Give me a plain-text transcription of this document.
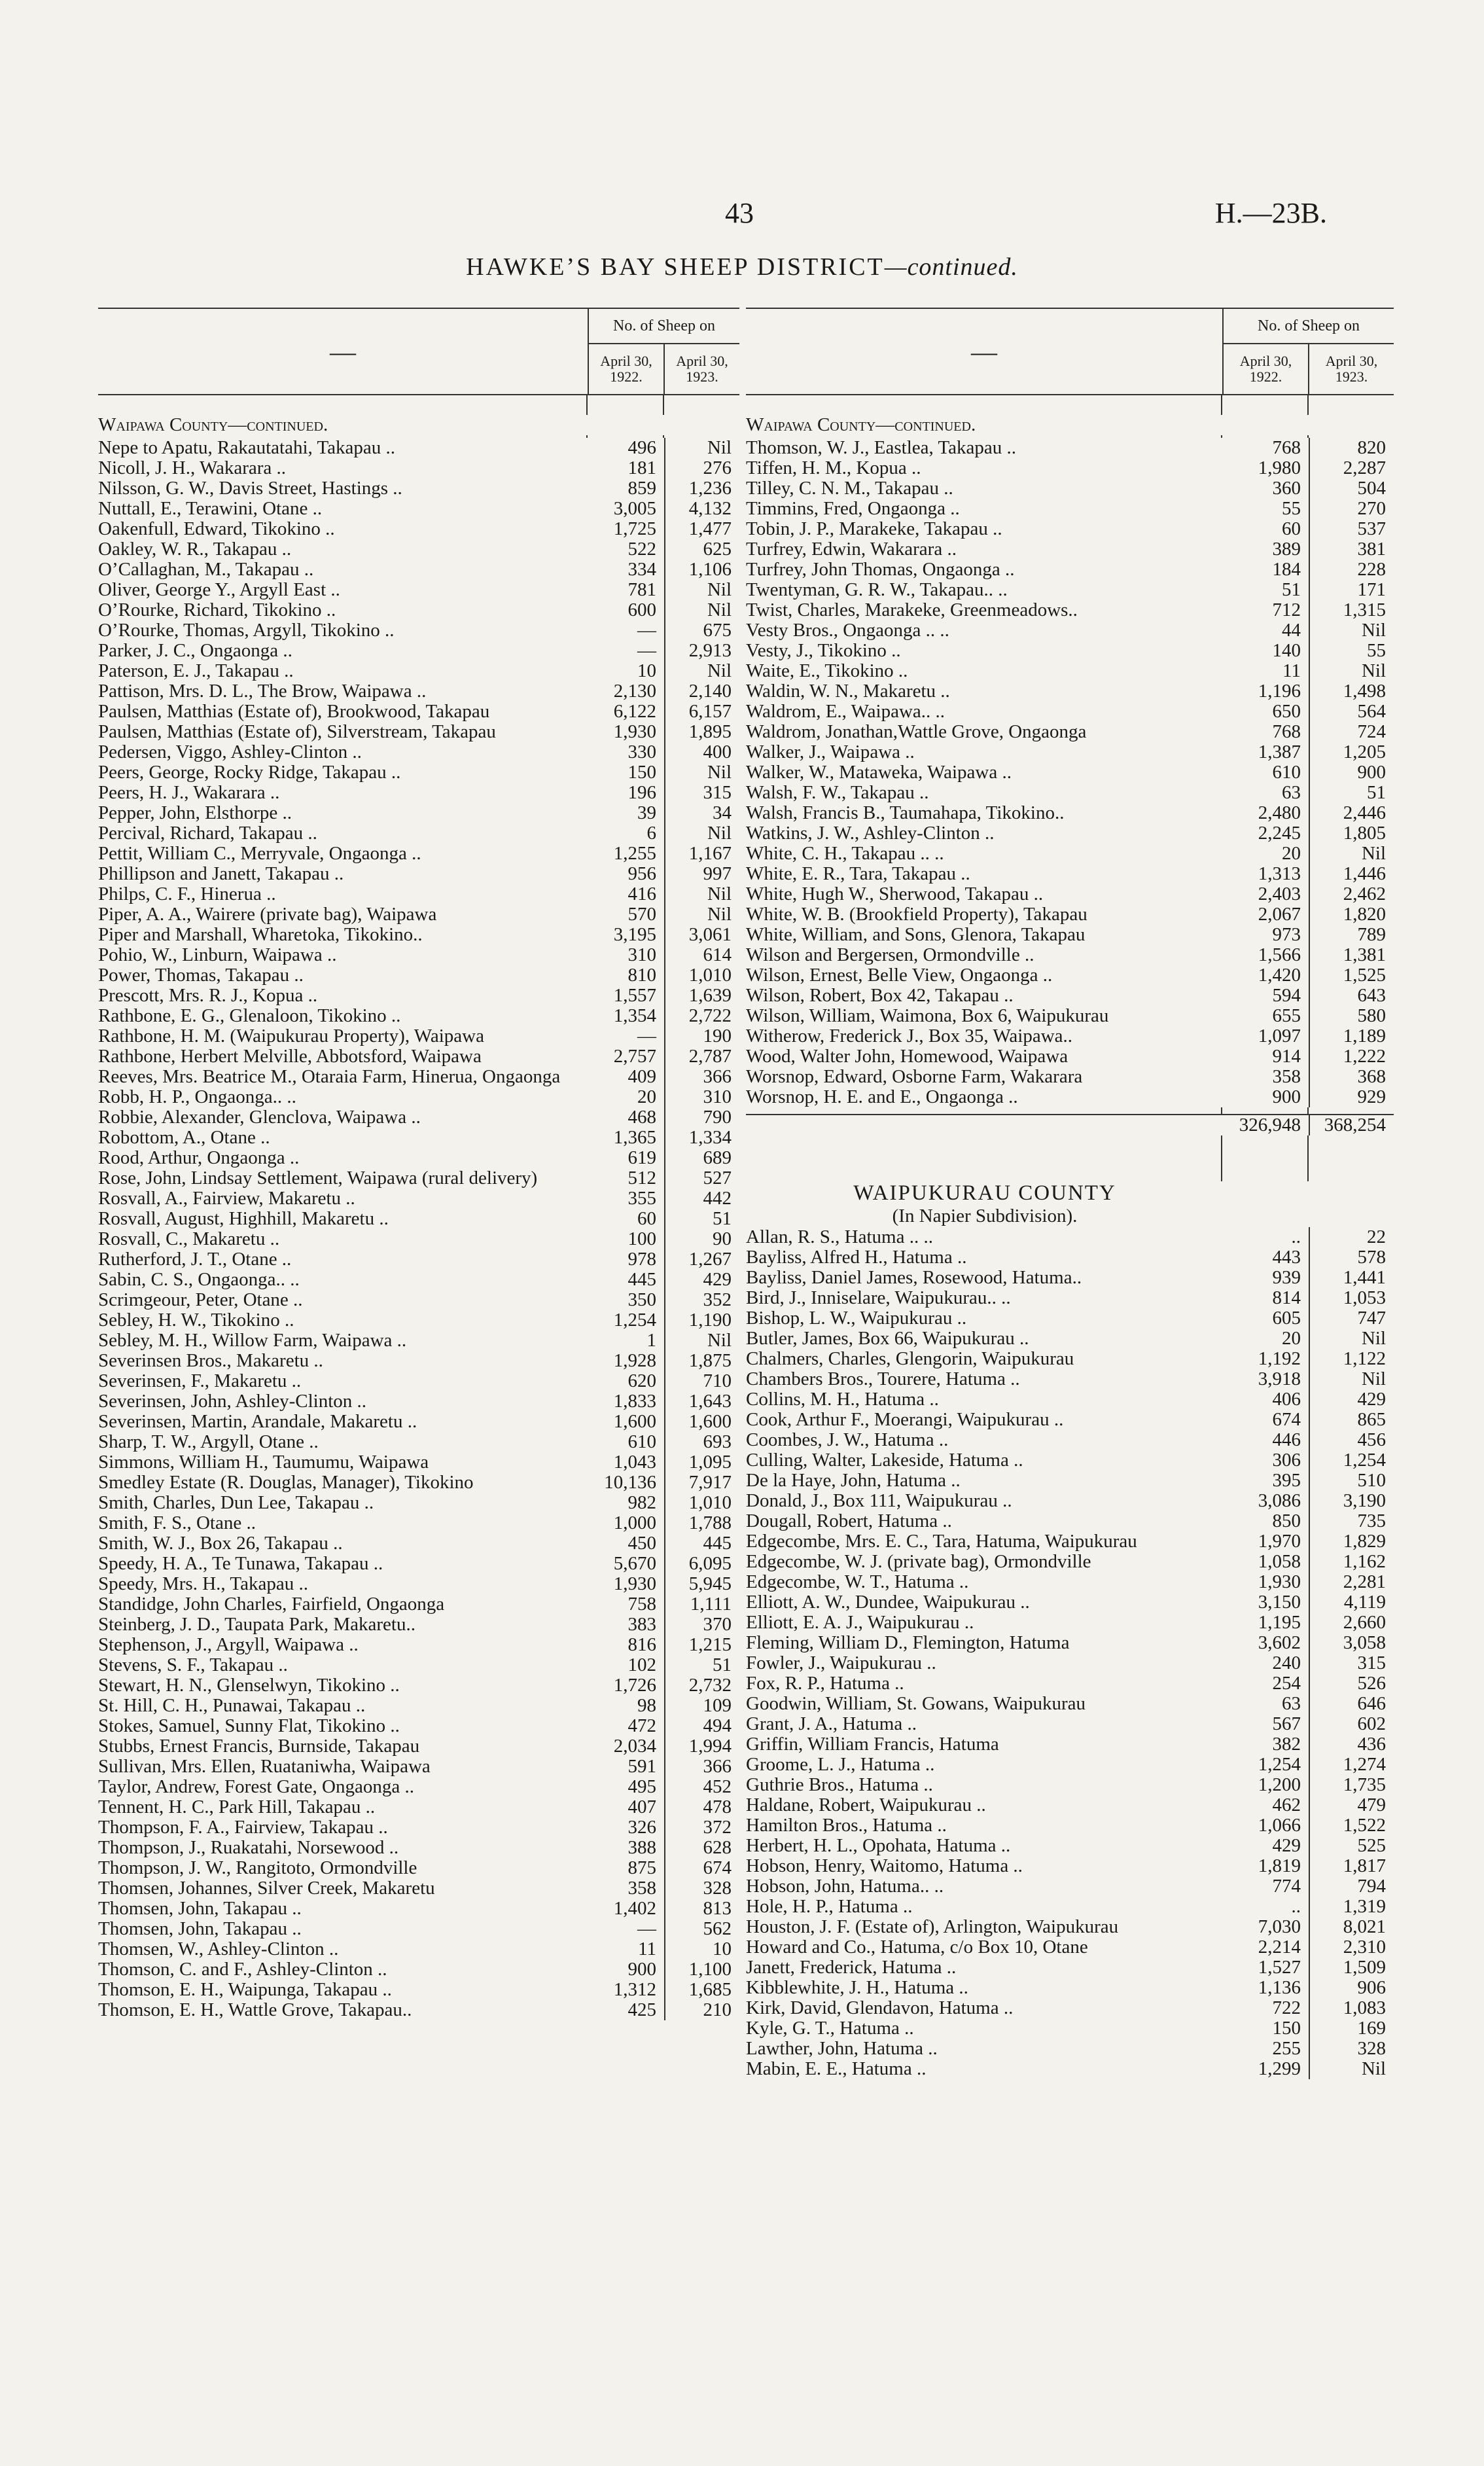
43	H.—23B.
HAWKE’S BAY SHEEP DISTRICT—continued.
—
No. of Sheep on
April 30,
1922.
April 30,
1923.
Waipawa County—continued.
Nepe to Apatu, Rakautatahi, Takapau ..	496	Nil
Nicoll, J. H., Wakarara ..	181	276
Nilsson, G. W., Davis Street, Hastings ..	859	1,236
Nuttall, E., Terawini, Otane ..	3,005	4,132
Oakenfull, Edward, Tikokino ..	1,725	1,477
Oakley, W. R., Takapau ..	522	625
O’Callaghan, M., Takapau ..	334	1,106
Oliver, George Y., Argyll East ..	781	Nil
O’Rourke, Richard, Tikokino ..	600	Nil
O’Rourke, Thomas, Argyll, Tikokino ..	—	675
Parker, J. C., Ongaonga ..	—	2,913
Paterson, E. J., Takapau ..	10	Nil
Pattison, Mrs. D. L., The Brow, Waipawa ..	2,130	2,140
Paulsen, Matthias (Estate of), Brookwood, Takapau	6,122	6,157
Paulsen, Matthias (Estate of), Silverstream, Takapau	1,930	1,895
Pedersen, Viggo, Ashley-Clinton ..	330	400
Peers, George, Rocky Ridge, Takapau ..	150	Nil
Peers, H. J., Wakarara ..	196	315
Pepper, John, Elsthorpe ..	39	34
Percival, Richard, Takapau ..	6	Nil
Pettit, William C., Merryvale, Ongaonga ..	1,255	1,167
Phillipson and Janett, Takapau ..	956	997
Philps, C. F., Hinerua ..	416	Nil
Piper, A. A., Wairere (private bag), Waipawa	570	Nil
Piper and Marshall, Wharetoka, Tikokino..	3,195	3,061
Pohio, W., Linburn, Waipawa ..	310	614
Power, Thomas, Takapau ..	810	1,010
Prescott, Mrs. R. J., Kopua ..	1,557	1,639
Rathbone, E. G., Glenaloon, Tikokino ..	1,354	2,722
Rathbone, H. M. (Waipukurau Property), Waipawa	—	190
Rathbone, Herbert Melville, Abbotsford, Waipawa	2,757	2,787
Reeves, Mrs. Beatrice M., Otaraia Farm, Hinerua, Ongaonga	409	366
Robb, H. P., Ongaonga.. ..	20	310
Robbie, Alexander, Glenclova, Waipawa ..	468	790
Robottom, A., Otane ..	1,365	1,334
Rood, Arthur, Ongaonga ..	619	689
Rose, John, Lindsay Settlement, Waipawa (rural delivery)	512	527
Rosvall, A., Fairview, Makaretu ..	355	442
Rosvall, August, Highhill, Makaretu ..	60	51
Rosvall, C., Makaretu ..	100	90
Rutherford, J. T., Otane ..	978	1,267
Sabin, C. S., Ongaonga.. ..	445	429
Scrimgeour, Peter, Otane ..	350	352
Sebley, H. W., Tikokino ..	1,254	1,190
Sebley, M. H., Willow Farm, Waipawa ..	1	Nil
Severinsen Bros., Makaretu ..	1,928	1,875
Severinsen, F., Makaretu ..	620	710
Severinsen, John, Ashley-Clinton ..	1,833	1,643
Severinsen, Martin, Arandale, Makaretu ..	1,600	1,600
Sharp, T. W., Argyll, Otane ..	610	693
Simmons, William H., Taumumu, Waipawa	1,043	1,095
Smedley Estate (R. Douglas, Manager), Tikokino	10,136	7,917
Smith, Charles, Dun Lee, Takapau ..	982	1,010
Smith, F. S., Otane ..	1,000	1,788
Smith, W. J., Box 26, Takapau ..	450	445
Speedy, H. A., Te Tunawa, Takapau ..	5,670	6,095
Speedy, Mrs. H., Takapau ..	1,930	5,945
Standidge, John Charles, Fairfield, Ongaonga	758	1,111
Steinberg, J. D., Taupata Park, Makaretu..	383	370
Stephenson, J., Argyll, Waipawa ..	816	1,215
Stevens, S. F., Takapau ..	102	51
Stewart, H. N., Glenselwyn, Tikokino ..	1,726	2,732
St. Hill, C. H., Punawai, Takapau ..	98	109
Stokes, Samuel, Sunny Flat, Tikokino ..	472	494
Stubbs, Ernest Francis, Burnside, Takapau	2,034	1,994
Sullivan, Mrs. Ellen, Ruataniwha, Waipawa	591	366
Taylor, Andrew, Forest Gate, Ongaonga ..	495	452
Tennent, H. C., Park Hill, Takapau ..	407	478
Thompson, F. A., Fairview, Takapau ..	326	372
Thompson, J., Ruakatahi, Norsewood ..	388	628
Thompson, J. W., Rangitoto, Ormondville	875	674
Thomsen, Johannes, Silver Creek, Makaretu	358	328
Thomsen, John, Takapau ..	1,402	813
Thomsen, John, Takapau ..	—	562
Thomsen, W., Ashley-Clinton ..	11	10
Thomson, C. and F., Ashley-Clinton ..	900	1,100
Thomson, E. H., Waipunga, Takapau ..	1,312	1,685
Thomson, E. H., Wattle Grove, Takapau..	425	210
—
No. of Sheep on
April 30,
1922.
April 30,
1923.
Waipawa County—continued.
Thomson, W. J., Eastlea, Takapau ..	768	820
Tiffen, H. M., Kopua ..	1,980	2,287
Tilley, C. N. M., Takapau ..	360	504
Timmins, Fred, Ongaonga ..	55	270
Tobin, J. P., Marakeke, Takapau ..	60	537
Turfrey, Edwin, Wakarara ..	389	381
Turfrey, John Thomas, Ongaonga ..	184	228
Twentyman, G. R. W., Takapau.. ..	51	171
Twist, Charles, Marakeke, Greenmeadows..	712	1,315
Vesty Bros., Ongaonga .. ..	44	Nil
Vesty, J., Tikokino ..	140	55
Waite, E., Tikokino ..	11	Nil
Waldin, W. N., Makaretu ..	1,196	1,498
Waldrom, E., Waipawa.. ..	650	564
Waldrom, Jonathan,Wattle Grove, Ongaonga	768	724
Walker, J., Waipawa ..	1,387	1,205
Walker, W., Mataweka, Waipawa ..	610	900
Walsh, F. W., Takapau ..	63	51
Walsh, Francis B., Taumahapa, Tikokino..	2,480	2,446
Watkins, J. W., Ashley-Clinton ..	2,245	1,805
White, C. H., Takapau .. ..	20	Nil
White, E. R., Tara, Takapau ..	1,313	1,446
White, Hugh W., Sherwood, Takapau ..	2,403	2,462
White, W. B. (Brookfield Property), Takapau	2,067	1,820
White, William, and Sons, Glenora, Takapau	973	789
Wilson and Bergersen, Ormondville ..	1,566	1,381
Wilson, Ernest, Belle View, Ongaonga ..	1,420	1,525
Wilson, Robert, Box 42, Takapau ..	594	643
Wilson, William, Waimona, Box 6, Waipukurau	655	580
Witherow, Frederick J., Box 35, Waipawa..	1,097	1,189
Wood, Walter John, Homewood, Waipawa	914	1,222
Worsnop, Edward, Osborne Farm, Wakarara	358	368
Worsnop, H. E. and E., Ongaonga ..	900	929
326,948	368,254
WAIPUKURAU COUNTY
(In Napier Subdivision).
Allan, R. S., Hatuma .. ..	..	22
Bayliss, Alfred H., Hatuma ..	443	578
Bayliss, Daniel James, Rosewood, Hatuma..	939	1,441
Bird, J., Inniselare, Waipukurau.. ..	814	1,053
Bishop, L. W., Waipukurau ..	605	747
Butler, James, Box 66, Waipukurau ..	20	Nil
Chalmers, Charles, Glengorin, Waipukurau	1,192	1,122
Chambers Bros., Tourere, Hatuma ..	3,918	Nil
Collins, M. H., Hatuma ..	406	429
Cook, Arthur F., Moerangi, Waipukurau ..	674	865
Coombes, J. W., Hatuma ..	446	456
Culling, Walter, Lakeside, Hatuma ..	306	1,254
De la Haye, John, Hatuma ..	395	510
Donald, J., Box 111, Waipukurau ..	3,086	3,190
Dougall, Robert, Hatuma ..	850	735
Edgecombe, Mrs. E. C., Tara, Hatuma, Waipukurau	1,970	1,829
Edgecombe, W. J. (private bag), Ormondville	1,058	1,162
Edgecombe, W. T., Hatuma ..	1,930	2,281
Elliott, A. W., Dundee, Waipukurau ..	3,150	4,119
Elliott, E. A. J., Waipukurau ..	1,195	2,660
Fleming, William D., Flemington, Hatuma	3,602	3,058
Fowler, J., Waipukurau ..	240	315
Fox, R. P., Hatuma ..	254	526
Goodwin, William, St. Gowans, Waipukurau	63	646
Grant, J. A., Hatuma ..	567	602
Griffin, William Francis, Hatuma	382	436
Groome, L. J., Hatuma ..	1,254	1,274
Guthrie Bros., Hatuma ..	1,200	1,735
Haldane, Robert, Waipukurau ..	462	479
Hamilton Bros., Hatuma ..	1,066	1,522
Herbert, H. L., Opohata, Hatuma ..	429	525
Hobson, Henry, Waitomo, Hatuma ..	1,819	1,817
Hobson, John, Hatuma.. ..	774	794
Hole, H. P., Hatuma ..	..	1,319
Houston, J. F. (Estate of), Arlington, Waipukurau	7,030	8,021
Howard and Co., Hatuma, c/o Box 10, Otane	2,214	2,310
Janett, Frederick, Hatuma ..	1,527	1,509
Kibblewhite, J. H., Hatuma ..	1,136	906
Kirk, David, Glendavon, Hatuma ..	722	1,083
Kyle, G. T., Hatuma ..	150	169
Lawther, John, Hatuma ..	255	328
Mabin, E. E., Hatuma ..	1,299	Nil
